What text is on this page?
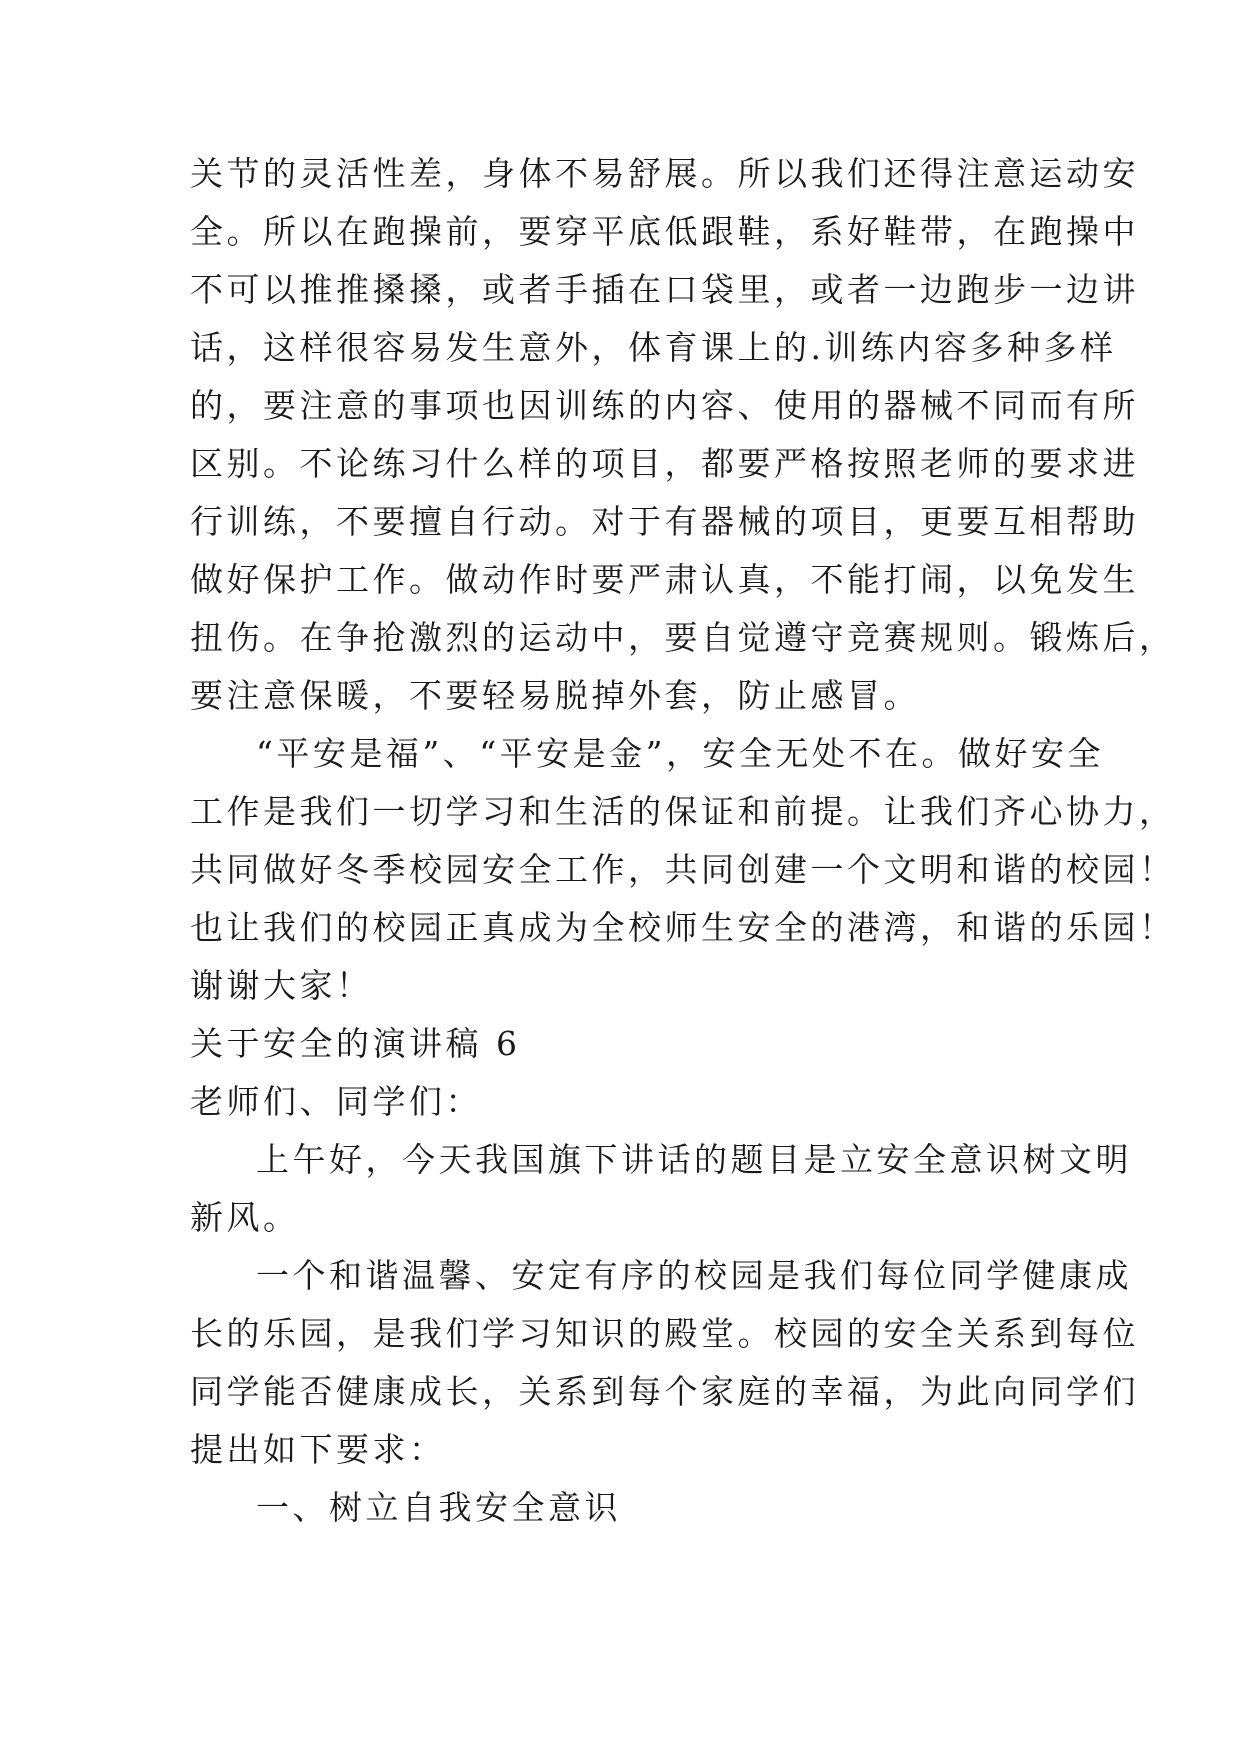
关节的灵活性差，身体不易舒展。所以我们还得注意运动安
全。所以在跑操前，要穿平底低跟鞋，系好鞋带，在跑操中
不可以推推搡搡，或者手插在口袋里，或者一边跑步一边讲
话，这样很容易发生意外，体育课上的.训练内容多种多样
的，要注意的事项也因训练的内容、使用的器械不同而有所
区别。不论练习什么样的项目，都要严格按照老师的要求进
行训练，不要擅自行动。对于有器械的项目，更要互相帮助
做好保护工作。做动作时要严肃认真，不能打闹，以免发生
扭伤。在争抢激烈的运动中，要自觉遵守竞赛规则。锻炼后，
要注意保暖，不要轻易脱掉外套，防止感冒。
“平安是福”、“平安是金”，安全无处不在。做好安全
工作是我们一切学习和生活的保证和前提。让我们齐心协力，
共同做好冬季校园安全工作，共同创建一个文明和谐的校园！
也让我们的校园正真成为全校师生安全的港湾，和谐的乐园！
谢谢大家！
关于安全的演讲稿 6
老师们、同学们：
上午好，今天我国旗下讲话的题目是立安全意识树文明
新风。
一个和谐温馨、安定有序的校园是我们每位同学健康成
长的乐园，是我们学习知识的殿堂。校园的安全关系到每位
同学能否健康成长，关系到每个家庭的幸福，为此向同学们
提出如下要求：
一、树立自我安全意识
